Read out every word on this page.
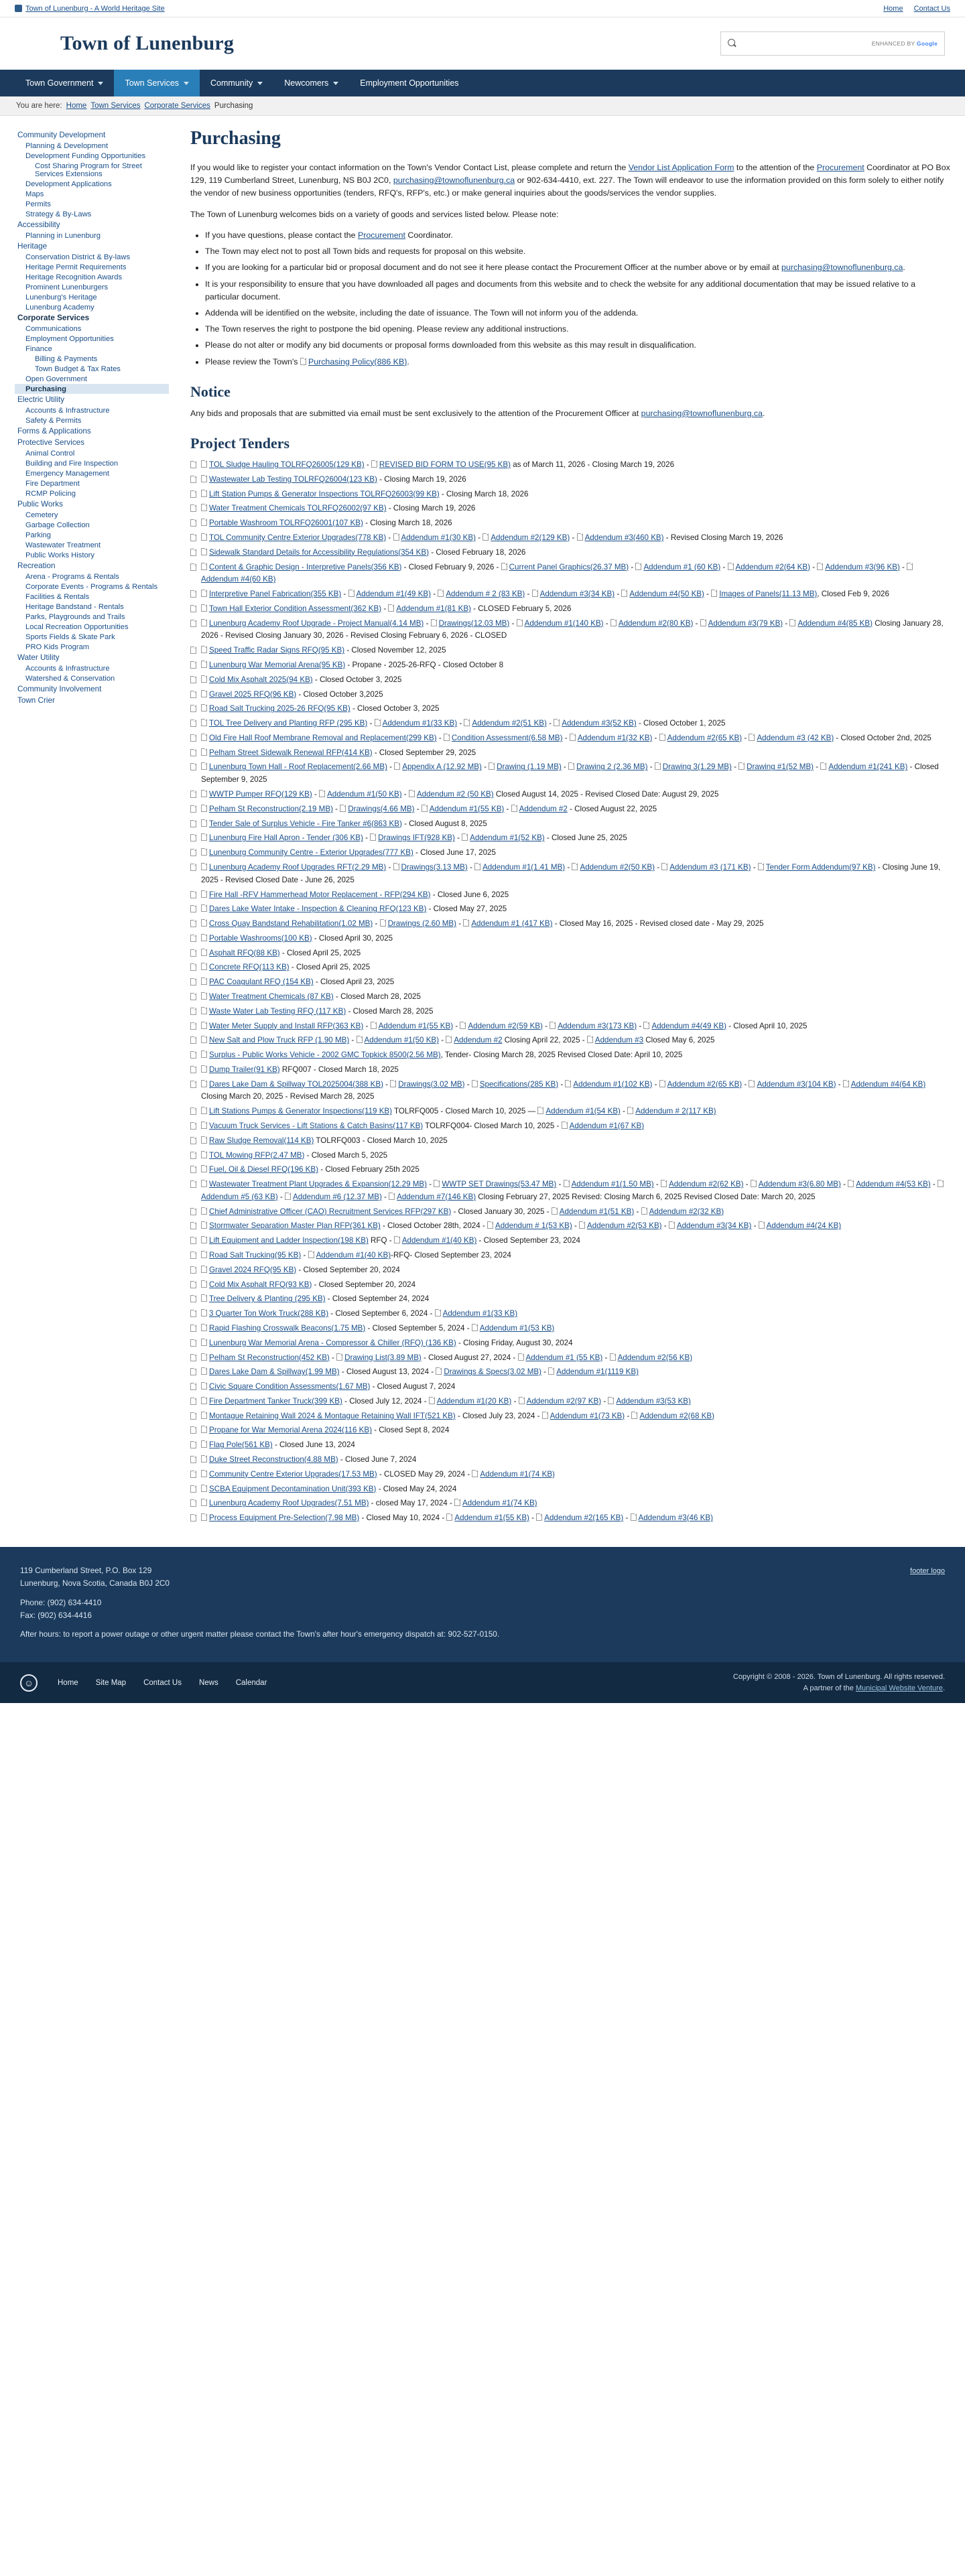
Town of Lunenburg - A World Heritage Site	Home Contact Us
Town of Lunenburg	ENHANCED BY Google
Town Government	Town Services	Community	Newcomers	Employment Opportunities
You are here: Home Town Services Corporate Services Purchasing
Community Development
Planning & Development
Development Funding Opportunities
Cost Sharing Program for Street Services Extensions
Development Applications
Maps
Permits
Strategy & By-Laws
Accessibility
Planning in Lunenburg
Heritage
Conservation District & By-laws
Heritage Permit Requirements
Heritage Recognition Awards
Prominent Lunenburgers
Lunenburg's Heritage
Lunenburg Academy
Corporate Services
Communications
Employment Opportunities
Finance
Billing & Payments
Town Budget & Tax Rates
Open Government
Purchasing
Electric Utility
Accounts & Infrastructure
Safety & Permits
Forms & Applications
Protective Services
Animal Control
Building and Fire Inspection
Emergency Management
Fire Department
RCMP Policing
Public Works
Cemetery
Garbage Collection
Parking
Wastewater Treatment
Public Works History
Recreation
Arena - Programs & Rentals
Corporate Events - Programs & Rentals
Facilities & Rentals
Heritage Bandstand - Rentals
Parks, Playgrounds and Trails
Local Recreation Opportunities
Sports Fields & Skate Park
PRO Kids Program
Water Utility
Accounts & Infrastructure
Watershed & Conservation
Community Involvement
Town Crier
Purchasing

If you would like to register your contact information on the Town's Vendor Contact List, please complete and return the Vendor List Application Form to the attention of the Procurement Coordinator at PO Box 129, 119 Cumberland Street, Lunenburg, NS B0J 2C0, purchasing@townoflunenburg.ca or 902-634-4410, ext. 227. The Town will endeavor to use the information provided on this form solely to either notify the vendor of new business opportunities (tenders, RFQ's, RFP's, etc.) or make general inquiries about the goods/services the vendor supplies.

The Town of Lunenburg welcomes bids on a variety of goods and services listed below. Please note:

• If you have questions, please contact the Procurement Coordinator.
• The Town may elect not to post all Town bids and requests for proposal on this website.
• If you are looking for a particular bid or proposal document and do not see it here please contact the Procurement Officer at the number above or by email at purchasing@townoflunenburg.ca.
• It is your responsibility to ensure that you have downloaded all pages and documents from this website and to check the website for any additional documentation that may be issued relative to a particular document.
• Addenda will be identified on the website, including the date of issuance. The Town will not inform you of the addenda.
• The Town reserves the right to postpone the bid opening. Please review any additional instructions.
• Please do not alter or modify any bid documents or proposal forms downloaded from this website as this may result in disqualification.
• Please review the Town's Purchasing Policy(886 KB).
Notice

Any bids and proposals that are submitted via email must be sent exclusively to the attention of the Procurement Officer at purchasing@townoflunenburg.ca.

Project Tenders
TOL Sludge Hauling TOLRFQ26005(129 KB) - REVISED BID FORM TO USE(95 KB) as of March 11, 2026 - Closing March 19, 2026
Wastewater Lab Testing TOLRFQ26004(123 KB) - Closing March 19, 2026
Lift Station Pumps & Generator Inspections TOLRFQ26003(99 KB) - Closing March 18, 2026
Water Treatment Chemicals TOLRFQ26002(97 KB) - Closing March 19, 2026
Portable Washroom TOLRFQ26001(107 KB) - Closing March 18, 2026
TOL Community Centre Exterior Upgrades(778 KB) - Addendum #1(30 KB) - Addendum #2(129 KB) - Addendum #3(460 KB) - Revised Closing March 19, 2026
Sidewalk Standard Details for Accessibility Regulations(354 KB) - Closed February 18, 2026
Content & Graphic Design - Interpretive Panels(356 KB) - Closed February 9, 2026 - Current Panel Graphics(26.37 MB) - Addendum #1 (60 KB) - Addendum #2(64 KB) - Addendum #3(96 KB) - Addendum #4(60 KB)
Interpretive Panel Fabrication(355 KB) - Addendum #1(49 KB) - Addendum # 2 (83 KB) - Addendum #3(34 KB) - Addendum #4(50 KB) - Images of Panels(11.13 MB), Closed Feb 9, 2026
Town Hall Exterior Condition Assessment(362 KB) - Addendum #1(81 KB) - CLOSED February 5, 2026
Lunenburg Academy Roof Upgrade - Project Manual(4.14 MB) - Drawings(12.03 MB) - Addendum #1(140 KB) - Addendum #2(80 KB) - Addendum #3(79 KB) - Addendum #4(85 KB) Closing January 28, 2026 - Revised Closing January 30, 2026 - Revised Closing February 6, 2026 - CLOSED
Speed Traffic Radar Signs RFQ(95 KB) - Closed November 12, 2025
Lunenburg War Memorial Arena(95 KB) - Propane - 2025-26-RFQ - Closed October 8
Cold Mix Asphalt 2025(94 KB) - Closed October 3, 2025
Gravel 2025 RFQ(96 KB) - Closed October 3,2025
Road Salt Trucking 2025-26 RFQ(95 KB) - Closed October 3, 2025
TOL Tree Delivery and Planting RFP (295 KB) - Addendum #1(33 KB) - Addendum #2(51 KB) - Addendum #3(52 KB) - Closed October 1, 2025
Old Fire Hall Roof Membrane Removal and Replacement(299 KB) - Condition Assessment(6.58 MB) - Addendum #1(32 KB) - Addendum #2(65 KB) - Addendum #3 (42 KB) - Closed October 2nd, 2025
Pelham Street Sidewalk Renewal RFP(414 KB) - Closed September 29, 2025
Lunenburg Town Hall - Roof Replacement(2.66 MB) - Appendix A (12.92 MB) - Drawing (1.19 MB) - Drawing 2 (2.36 MB) - Drawing 3(1.29 MB) - Drawing #1(52 MB) - Addendum #1(241 KB) - Closed September 9, 2025
WWTP Pumper RFQ(129 KB) - Addendum #1(50 KB) - Addendum #2 (50 KB) Closed August 14, 2025 - Revised Closed Date: August 29, 2025
Pelham St Reconstruction(2.19 MB) - Drawings(4.66 MB) - Addendum #1(55 KB) - Addendum #2 - Closed August 22, 2025
Tender Sale of Surplus Vehicle - Fire Tanker #6(863 KB) - Closed August 8, 2025
Lunenburg Fire Hall Apron - Tender (306 KB) - Drawings IFT(928 KB) - Addendum #1(52 KB) - Closed June 25, 2025
Lunenburg Community Centre - Exterior Upgrades(777 KB) - Closed June 17, 2025
Lunenburg Academy Roof Upgrades RFT(2.29 MB) - Drawings(3.13 MB) - Addendum #1(1.41 MB) - Addendum #2(50 KB) - Addendum #3 (171 KB) - Tender Form Addendum(97 KB) - Closing June 19, 2025 - Revised Closed Date - June 26, 2025
Fire Hall -RFV Hammerhead Motor Replacement - RFP(294 KB) - Closed June 6, 2025
Dares Lake Water Intake - Inspection & Cleaning RFQ(123 KB) - Closed May 27, 2025
Cross Quay Bandstand Rehabilitation(1.02 MB) - Drawings (2.60 MB) - Addendum #1 (417 KB) - Closed May 16, 2025 - Revised closed date - May 29, 2025
Portable Washrooms(100 KB) - Closed April 30, 2025
Asphalt RFQ(88 KB) - Closed April 25, 2025
Concrete RFQ(113 KB) - Closed April 25, 2025
PAC Coagulant RFQ (154 KB) - Closed April 23, 2025
Water Treatment Chemicals (87 KB) - Closed March 28, 2025
Waste Water Lab Testing RFQ (117 KB) - Closed March 28, 2025
Water Meter Supply and Install RFP(363 KB) - Addendum #1(55 KB) - Addendum #2(59 KB) - Addendum #3(173 KB) - Addendum #4(49 KB) - Closed April 10, 2025
New Salt and Plow Truck RFP (1.90 MB) - Addendum #1(50 KB) - Addendum #2 Closing April 22, 2025 - Addendum #3 Closed May 6, 2025
Surplus - Public Works Vehicle - 2002 GMC Topkick 8500(2.56 MB), Tender- Closing March 28, 2025 Revised Closed Date: April 10, 2025
Dump Trailer(91 KB) RFQ007 - Closed March 18, 2025
Dares Lake Dam & Spillway TOL2025004(388 KB) - Drawings(3.02 MB) - Specifications(285 KB) - Addendum #1(102 KB) - Addendum #2(65 KB) - Addendum #3(104 KB) - Addendum #4(64 KB) Closing March 20, 2025 - Revised March 28, 2025
Lift Stations Pumps & Generator Inspections(119 KB) TOLRFQ005 - Closed March 10, 2025 — Addendum #1(54 KB) - Addendum # 2(117 KB)
Vacuum Truck Services - Lift Stations & Catch Basins(117 KB) TOLRFQ004- Closed March 10, 2025 - Addendum #1(67 KB)
Raw Sludge Removal(114 KB) TOLRFQ003 - Closed March 10, 2025
TOL Mowing RFP(2.47 MB) - Closed March 5, 2025
Fuel, Oil & Diesel RFQ(196 KB) - Closed February 25th 2025
Wastewater Treatment Plant Upgrades & Expansion(12.29 MB) - WWTP SET Drawings(53.47 MB) - Addendum #1(1.50 MB) - Addendum #2(62 KB) - Addendum #3(6.80 MB) - Addendum #4(53 KB) - Addendum #5 (63 KB) - Addendum #6 (12.37 MB) - Addendum #7(146 KB) Closing February 27, 2025 Revised: Closing March 6, 2025 Revised Closed Date: March 20, 2025
Chief Administrative Officer (CAO) Recruitment Services RFP(297 KB) - Closed January 30, 2025 - Addendum #1(51 KB) - Addendum #2(32 KB)
Stormwater Separation Master Plan RFP(361 KB) - Closed October 28th, 2024 - Addendum # 1(53 KB) - Addendum #2(53 KB) - Addendum #3(34 KB) - Addendum #4(24 KB)
Lift Equipment and Ladder Inspection(198 KB) RFQ - Addendum #1(40 KB) - Closed September 23, 2024
Road Salt Trucking(95 KB) - Addendum #1(40 KB)-RFQ- Closed September 23, 2024
Gravel 2024 RFQ(95 KB) - Closed September 20, 2024
Cold Mix Asphalt RFQ(93 KB) - Closed September 20, 2024
Tree Delivery & Planting (295 KB) - Closed September 24, 2024
3 Quarter Ton Work Truck(288 KB) - Closed September 6, 2024 - Addendum #1(33 KB)
Rapid Flashing Crosswalk Beacons(1.75 MB) - Closed September 5, 2024 - Addendum #1(53 KB)
Lunenburg War Memorial Arena - Compressor & Chiller (RFQ) (136 KB) - Closing Friday, August 30, 2024
Pelham St Reconstruction(452 KB) - Drawing List(3.89 MB) - Closed August 27, 2024 - Addendum #1 (55 KB) - Addendum #2(56 KB)
Dares Lake Dam & Spillway(1.99 MB) - Closed August 13, 2024 - Drawings & Specs(3.02 MB) - Addendum #1(1119 KB)
Civic Square Condition Assessments(1.67 MB) - Closed August 7, 2024
Fire Department Tanker Truck(399 KB) - Closed July 12, 2024 - Addendum #1(20 KB) - Addendum #2(97 KB) - Addendum #3(53 KB)
Montague Retaining Wall 2024 & Montague Retaining Wall IFT(521 KB) - Closed July 23, 2024 - Addendum #1(73 KB) - Addendum #2(68 KB)
Propane for War Memorial Arena 2024(116 KB) - Closed Sept 8, 2024
Flag Pole(561 KB) - Closed June 13, 2024
Duke Street Reconstruction(4.88 MB) - Closed June 7, 2024
Community Centre Exterior Upgrades(17.53 MB) - CLOSED May 29, 2024 - Addendum #1(74 KB)
SCBA Equipment Decontamination Unit(393 KB) - Closed May 24, 2024
Lunenburg Academy Roof Upgrades(7.51 MB) - closed May 17, 2024 - Addendum #1(74 KB)
Process Equipment Pre-Selection(7.98 MB) - Closed May 10, 2024 - Addendum #1(55 KB) - Addendum #2(165 KB) - Addendum #3(46 KB)

119 Cumberland Street, P.O. Box 129
Lunenburg, Nova Scotia, Canada B0J 2C0

Phone: (902) 634-4410
Fax: (902) 634-4416

After hours: to report a power outage or other urgent matter please contact the Town's after hour's emergency dispatch at: 902-527-0150.

footer logo
☺	Home Site Map Contact Us News Calendar
Copyright © 2008 - 2026. Town of Lunenburg. All rights reserved.
A partner of the Municipal Website Venture.
